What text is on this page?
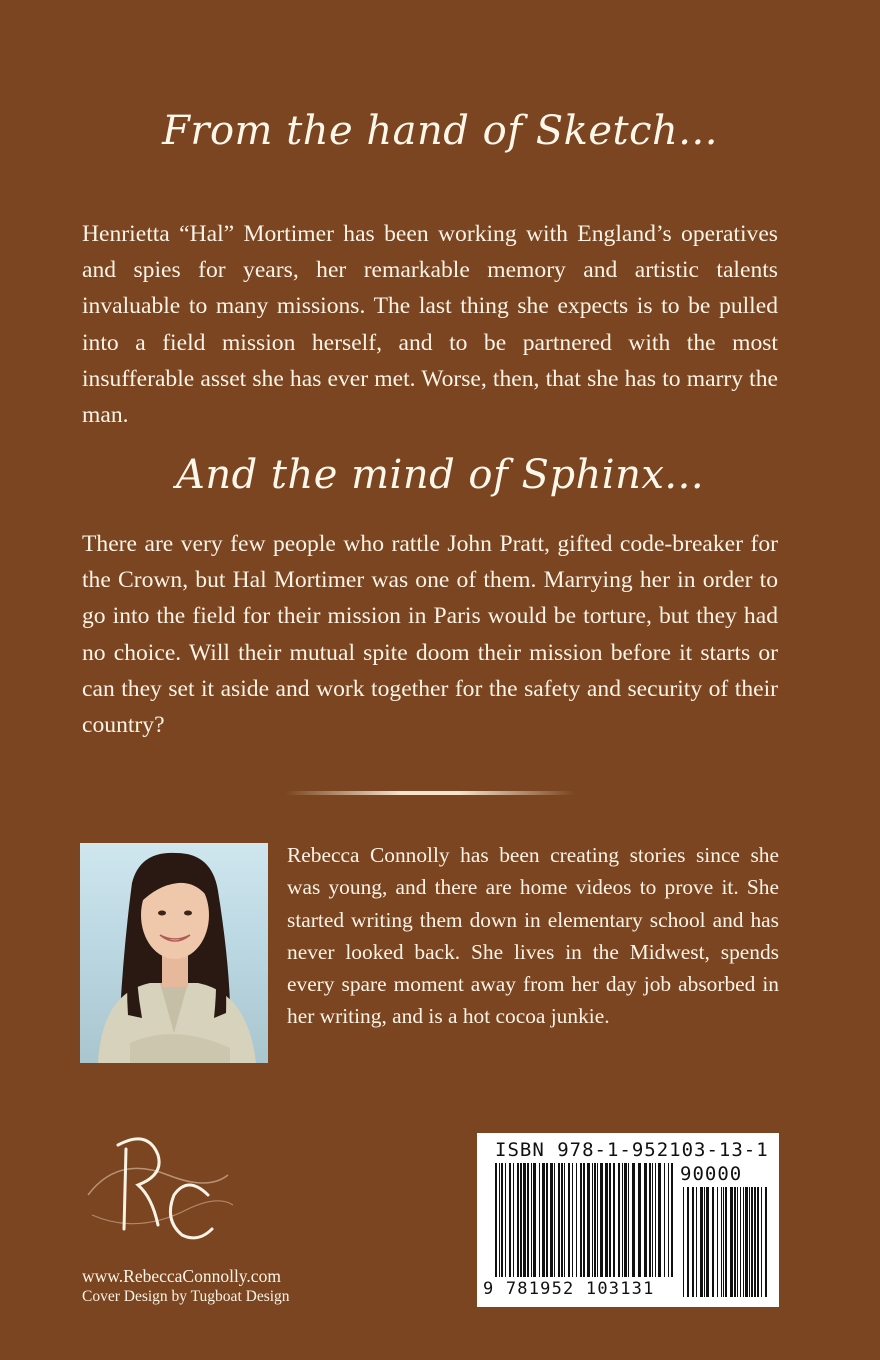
From the hand of Sketch...
Henrietta “Hal” Mortimer has been working with England’s operatives and spies for years, her remarkable memory and artistic talents invaluable to many missions. The last thing she expects is to be pulled into a field mission herself, and to be partnered with the most insufferable asset she has ever met. Worse, then, that she has to marry the man.
And the mind of Sphinx...
There are very few people who rattle John Pratt, gifted code-breaker for the Crown, but Hal Mortimer was one of them. Marrying her in order to go into the field for their mission in Paris would be torture, but they had no choice. Will their mutual spite doom their mission before it starts or can they set it aside and work together for the safety and security of their country?
Rebecca Connolly has been creating stories since she was young, and there are home videos to prove it. She started writing them down in elementary school and has never looked back. She lives in the Midwest, spends every spare moment away from her day job absorbed in her writing, and is a hot cocoa junkie.
www.RebeccaConnolly.com
Cover Design by Tugboat Design
ISBN 978-1-952103-13-1
90000
9 781952 103131
